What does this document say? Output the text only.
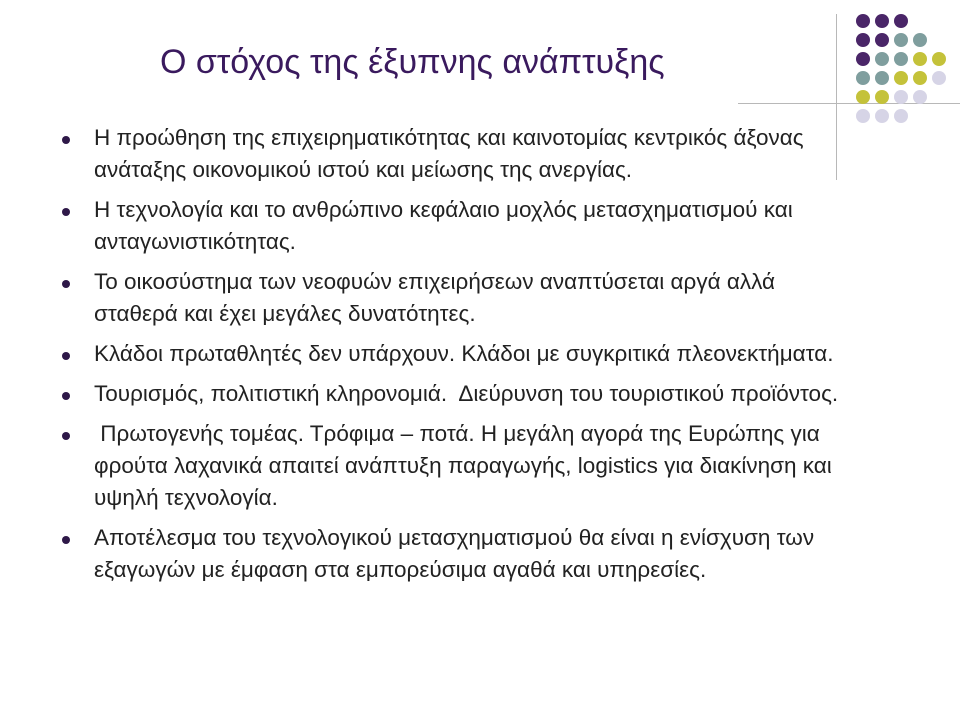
Ο στόχος της έξυπνης ανάπτυξης
Η προώθηση της επιχειρηματικότητας και καινοτομίας κεντρικός άξονας ανάταξης οικονομικού ιστού και μείωσης της ανεργίας.
Η τεχνολογία και το ανθρώπινο κεφάλαιο μοχλός μετασχηματισμού και  ανταγωνιστικότητας.
Το οικοσύστημα των νεοφυών επιχειρήσεων αναπτύσεται αργά αλλά σταθερά και έχει μεγάλες δυνατότητες.
Κλάδοι πρωταθλητές δεν υπάρχουν. Κλάδοι με συγκριτικά πλεονεκτήματα.
Τουρισμός, πολιτιστική κληρονομιά.  Διεύρυνση του τουριστικού προϊόντος.
Πρωτογενής τομέας. Τρόφιμα – ποτά. Η μεγάλη αγορά της Ευρώπης για φρούτα λαχανικά απαιτεί ανάπτυξη παραγωγής, logistics για διακίνηση και υψηλή τεχνολογία.
Αποτέλεσμα του τεχνολογικού μετασχηματισμού θα είναι η ενίσχυση των εξαγωγών με έμφαση στα εμπορεύσιμα αγαθά και υπηρεσίες.
